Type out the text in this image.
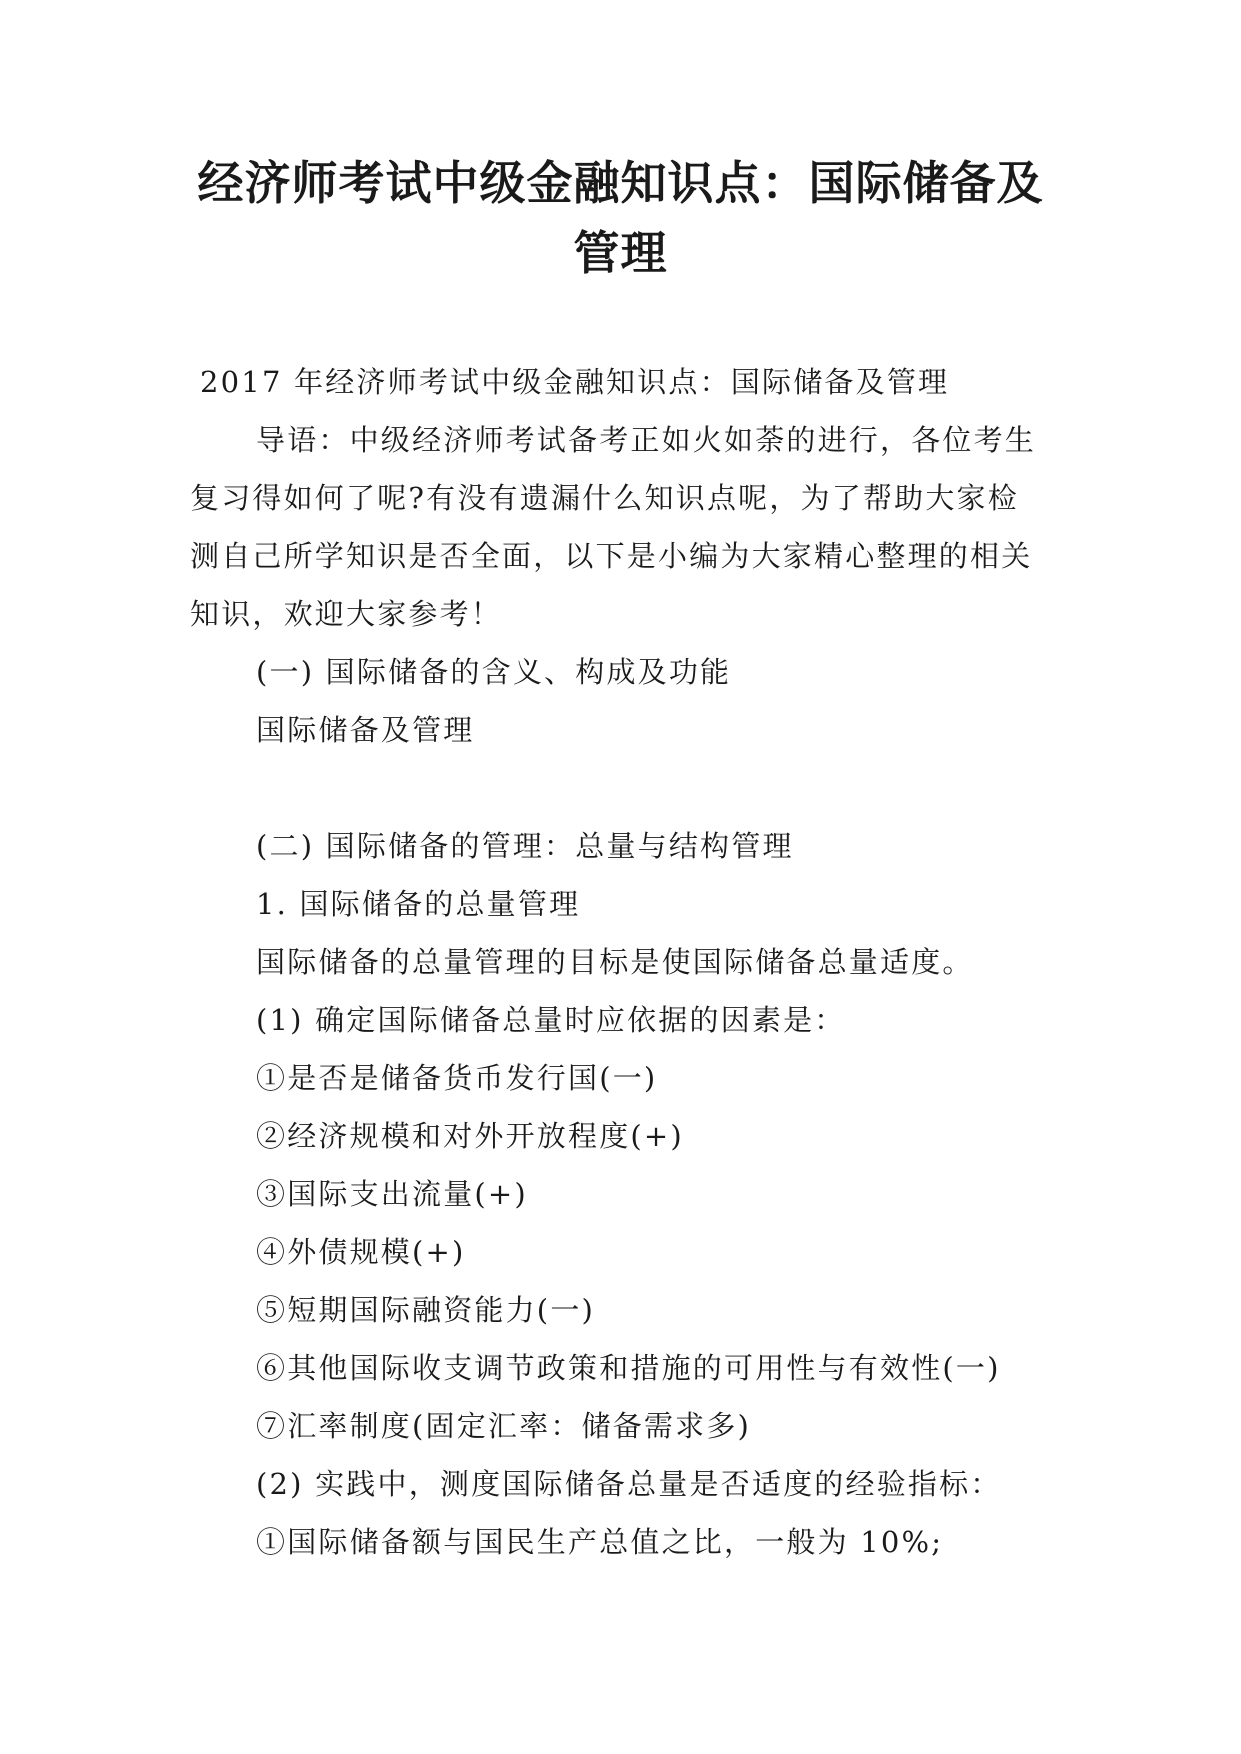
经济师考试中级金融知识点：国际储备及管理

2017 年经济师考试中级金融知识点：国际储备及管理

导语：中级经济师考试备考正如火如荼的进行，各位考生复习得如何了呢?有没有遗漏什么知识点呢，为了帮助大家检测自己所学知识是否全面，以下是小编为大家精心整理的相关知识，欢迎大家参考！

(一) 国际储备的含义、构成及功能

国际储备及管理

(二) 国际储备的管理：总量与结构管理

1. 国际储备的总量管理

国际储备的总量管理的目标是使国际储备总量适度。

(1) 确定国际储备总量时应依据的因素是：

①是否是储备货币发行国(一)

②经济规模和对外开放程度(+)

③国际支出流量(+)

④外债规模(+)

⑤短期国际融资能力(一)

⑥其他国际收支调节政策和措施的可用性与有效性(一)

⑦汇率制度(固定汇率：储备需求多)

(2) 实践中，测度国际储备总量是否适度的经验指标：

①国际储备额与国民生产总值之比，一般为 10%;
